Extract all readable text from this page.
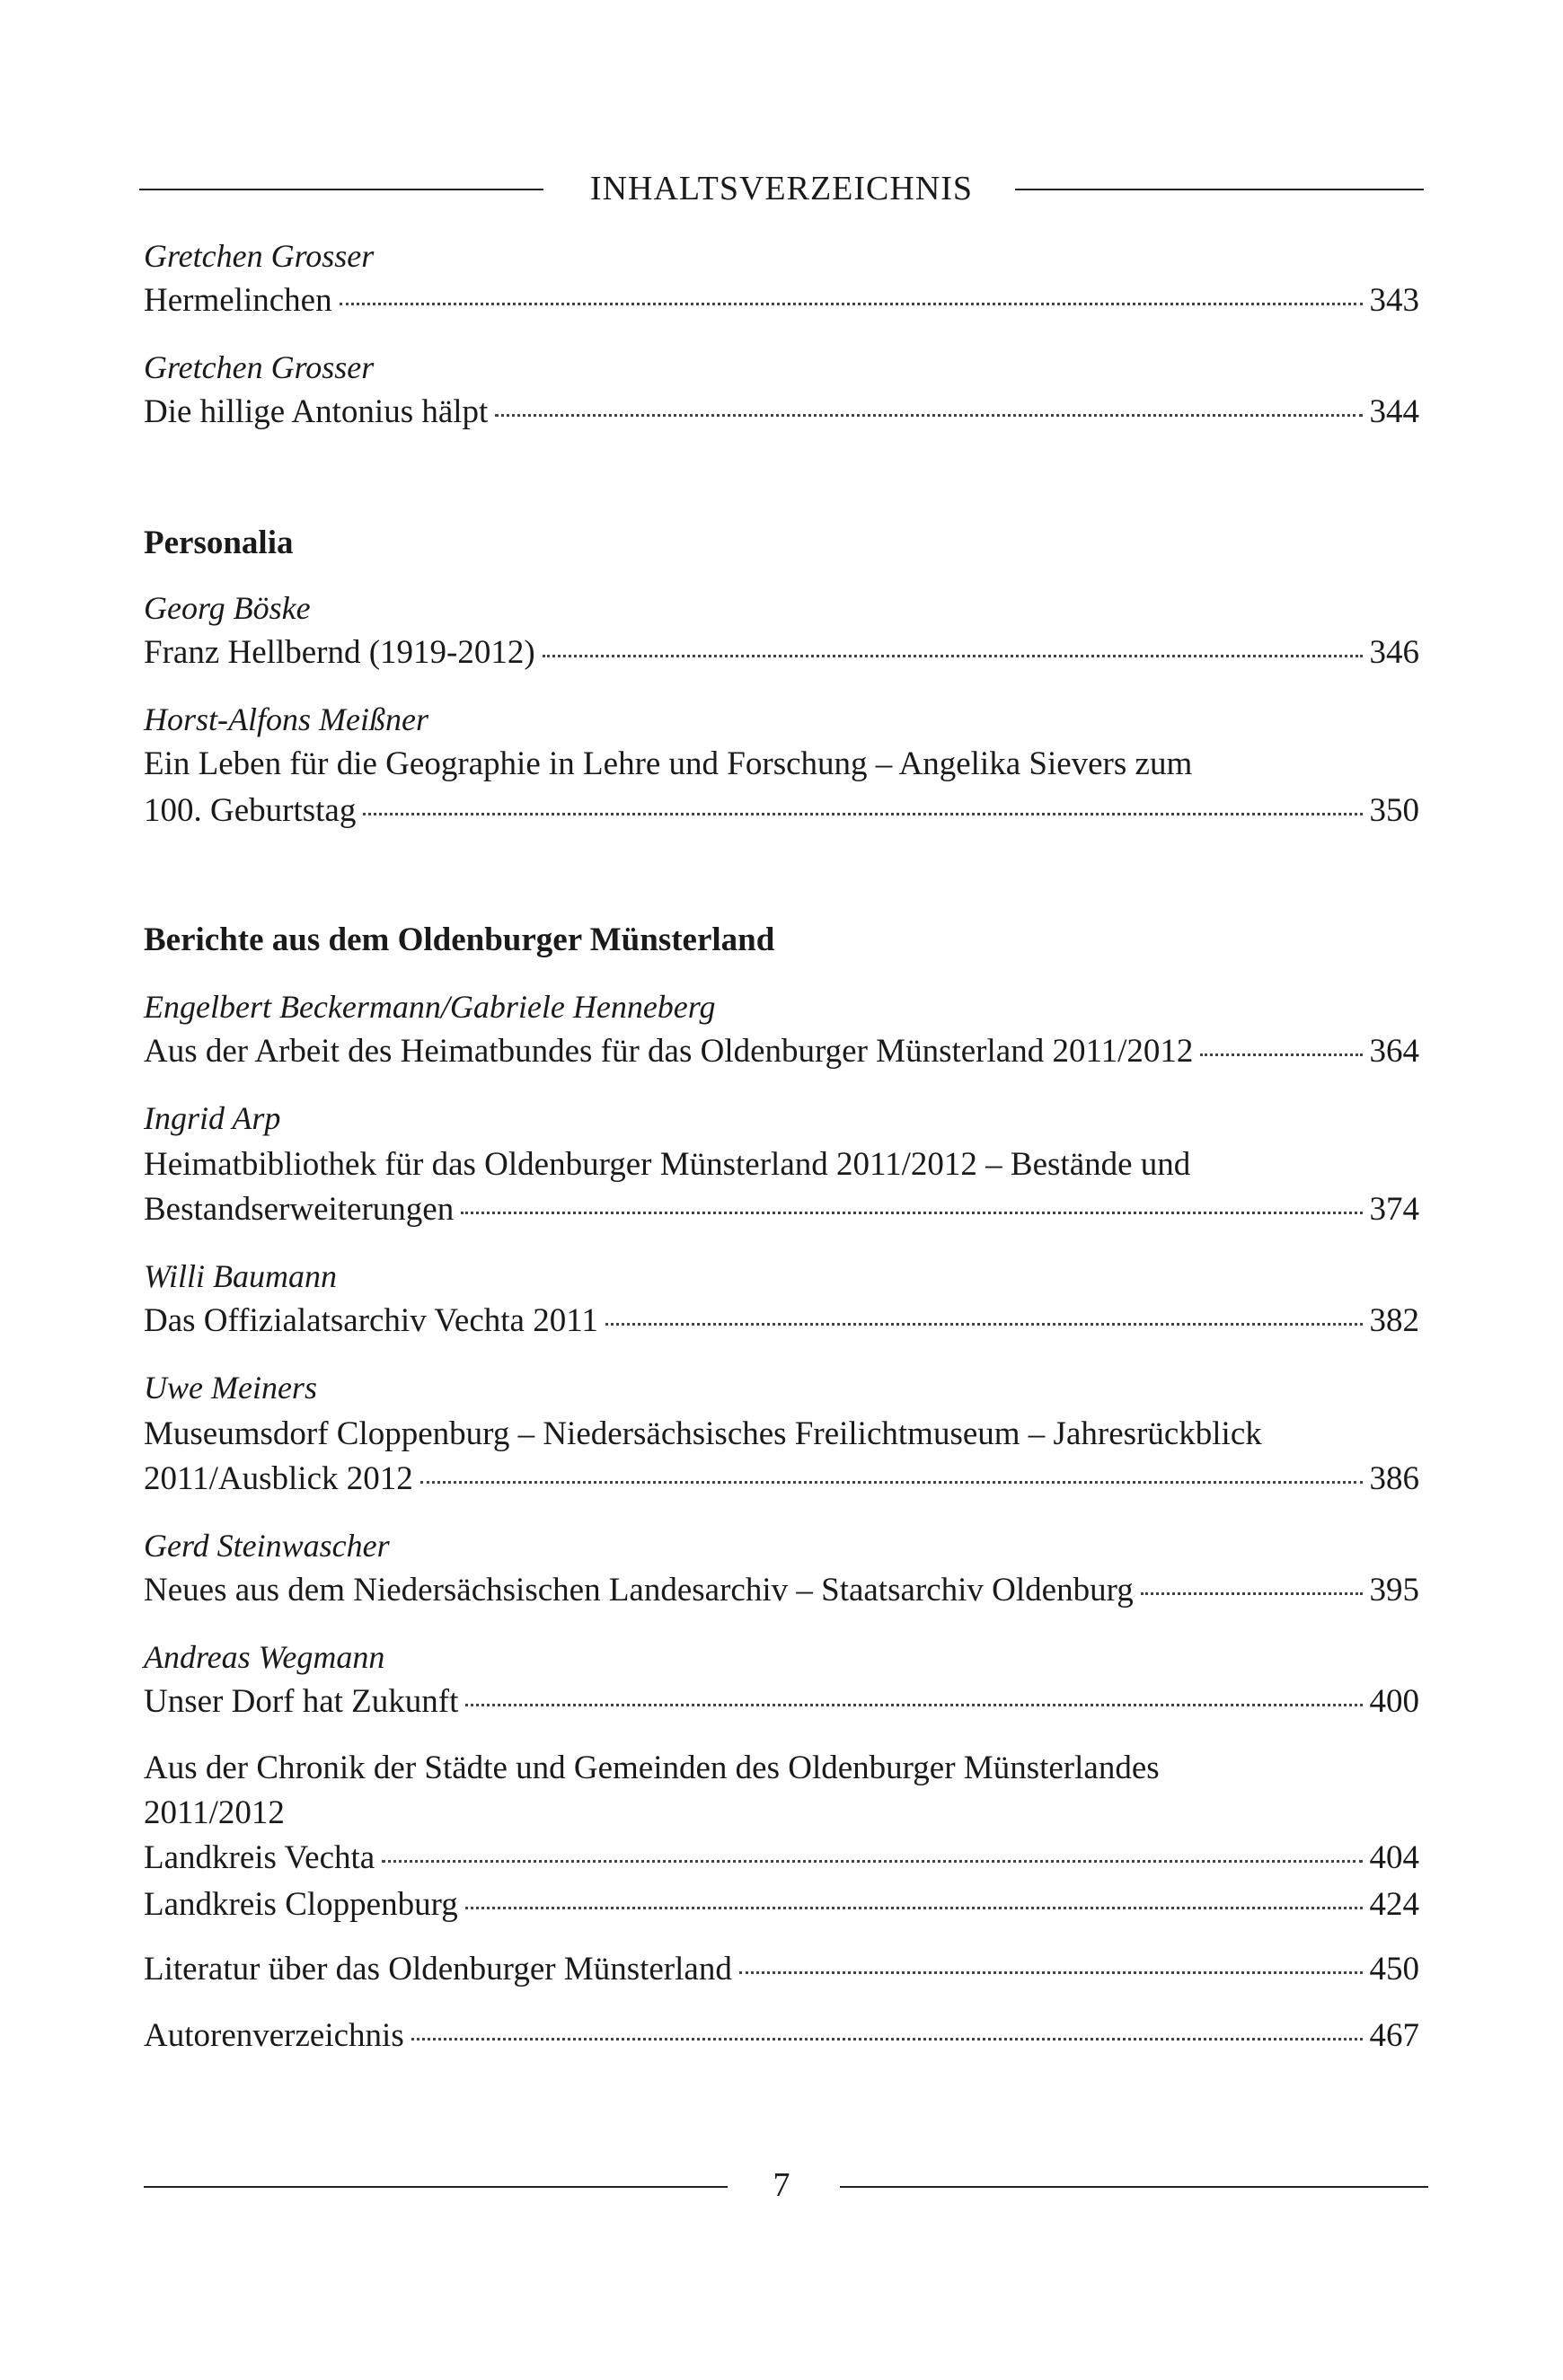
INHALTSVERZEICHNIS
Gretchen Grosser
Hermelinchen	343
Gretchen Grosser
Die hillige Antonius hälpt	344
Personalia
Georg Böske
Franz Hellbernd (1919-2012)	346
Horst-Alfons Meißner
Ein Leben für die Geographie in Lehre und Forschung – Angelika Sievers zum
100. Geburtstag	350
Berichte aus dem Oldenburger Münsterland
Engelbert Beckermann/Gabriele Henneberg
Aus der Arbeit des Heimatbundes für das Oldenburger Münsterland 2011/2012	364
Ingrid Arp
Heimatbibliothek für das Oldenburger Münsterland 2011/2012 – Bestände und
Bestandserweiterungen	374
Willi Baumann
Das Offizialatsarchiv Vechta 2011	382
Uwe Meiners
Museumsdorf Cloppenburg – Niedersächsisches Freilichtmuseum – Jahresrückblick
2011/Ausblick 2012	386
Gerd Steinwascher
Neues aus dem Niedersächsischen Landesarchiv – Staatsarchiv Oldenburg	395
Andreas Wegmann
Unser Dorf hat Zukunft	400
Aus der Chronik der Städte und Gemeinden des Oldenburger Münsterlandes
2011/2012
Landkreis Vechta	404
Landkreis Cloppenburg	424
Literatur über das Oldenburger Münsterland	450
Autorenverzeichnis	467
7
